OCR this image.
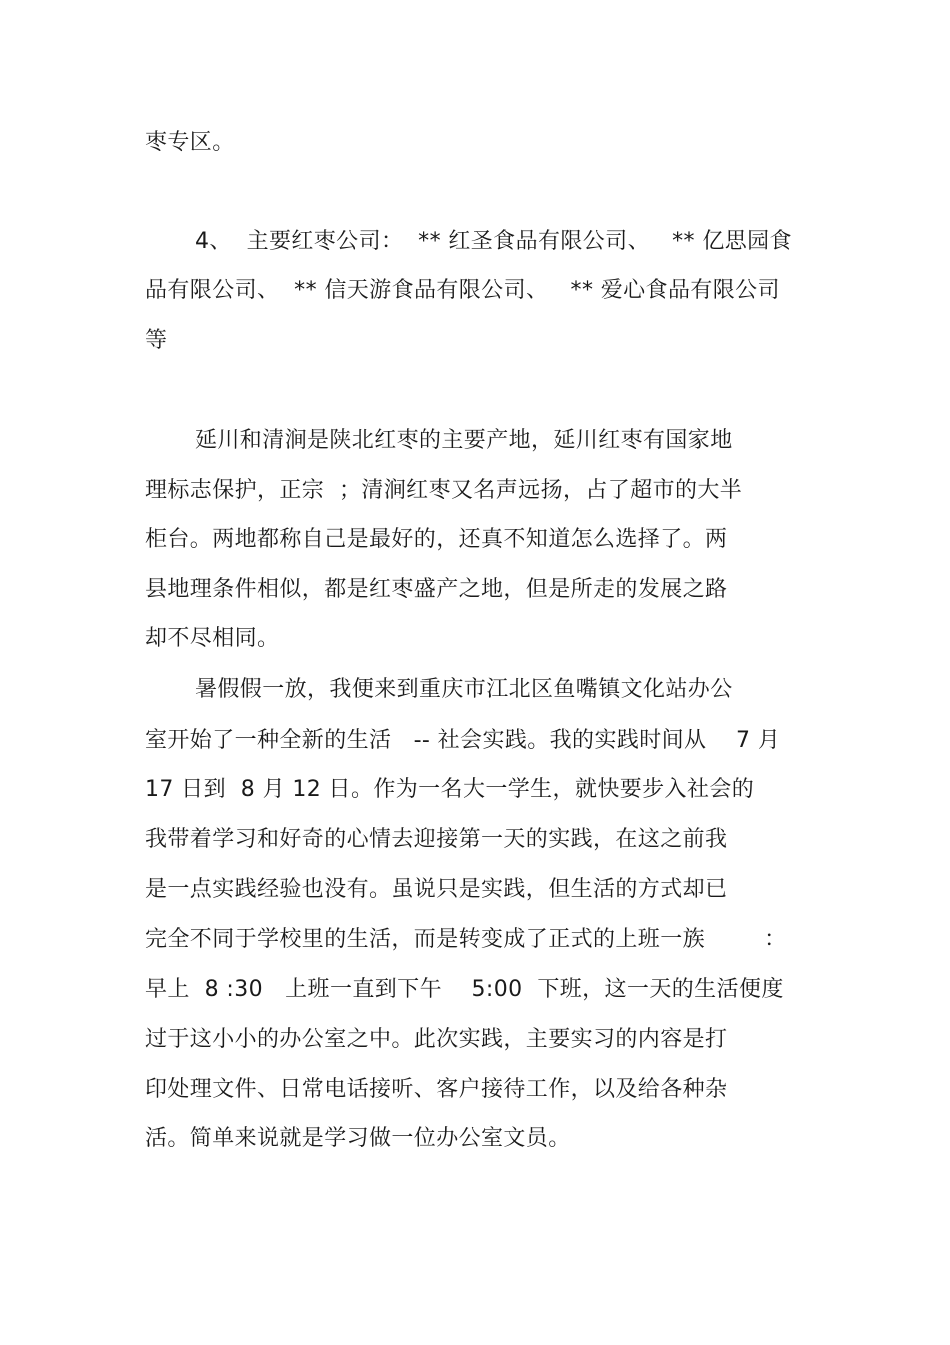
枣专区。
4、  主要红枣公司：  ** 红圣食品有限公司、   ** 亿思园食
品有限公司、  ** 信天游食品有限公司、   ** 爱心食品有限公司
等
延川和清涧是陕北红枣的主要产地，延川红枣有国家地
理标志保护，正宗  ；清涧红枣又名声远扬，占了超市的大半
柜台。两地都称自己是最好的，还真不知道怎么选择了。两
县地理条件相似，都是红枣盛产之地，但是所走的发展之路
却不尽相同。
暑假假一放，我便来到重庆市江北区鱼嘴镇文化站办公
室开始了一种全新的生活   -- 社会实践。我的实践时间从    7 月
17 日到  8 月 12 日。作为一名大一学生，就快要步入社会的
我带着学习和好奇的心情去迎接第一天的实践，在这之前我
是一点实践经验也没有。虽说只是实践，但生活的方式却已
完全不同于学校里的生活，而是转变成了正式的上班一族        ：
早上  8 :30   上班一直到下午    5:00  下班，这一天的生活便度
过于这小小的办公室之中。此次实践，主要实习的内容是打
印处理文件、日常电话接听、客户接待工作，以及给各种杂
活。简单来说就是学习做一位办公室文员。
